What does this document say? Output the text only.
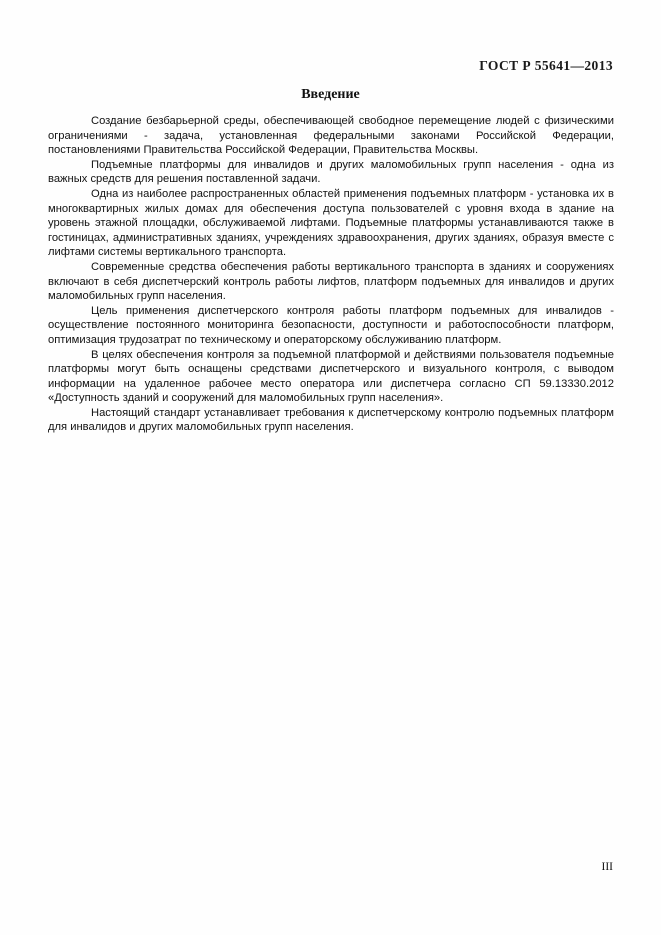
ГОСТ Р 55641—2013
Введение

Создание безбарьерной среды, обеспечивающей свободное перемещение людей с физическими ограничениями - задача, установленная федеральными законами Российской Федерации, постановлениями Правительства Российской Федерации, Правительства Москвы.

Подъемные платформы для инвалидов и других маломобильных групп населения - одна из важных средств для решения поставленной задачи.

Одна из наиболее распространенных областей применения подъемных платформ - установка их в многоквартирных жилых домах для обеспечения доступа пользователей с уровня входа в здание на уровень этажной площадки, обслуживаемой лифтами. Подъемные платформы устанавливаются также в гостиницах, административных зданиях, учреждениях здравоохранения, других зданиях, образуя вместе с лифтами системы вертикального транспорта.

Современные средства обеспечения работы вертикального транспорта в зданиях и сооружениях включают в себя диспетчерский контроль работы лифтов, платформ подъемных для инвалидов и других маломобильных групп населения.

Цель применения диспетчерского контроля работы платформ подъемных для инвалидов - осуществление постоянного мониторинга безопасности, доступности и работоспособности платформ, оптимизация трудозатрат по техническому и операторскому обслуживанию платформ.

В целях обеспечения контроля за подъемной платформой и действиями пользователя подъемные платформы могут быть оснащены средствами диспетчерского и визуального контроля, с выводом информации на удаленное рабочее место оператора или диспетчера согласно СП 59.13330.2012 «Доступность зданий и сооружений для маломобильных групп населения».

Настоящий стандарт устанавливает требования к диспетчерскому контролю подъемных платформ для инвалидов и других маломобильных групп населения.

III
